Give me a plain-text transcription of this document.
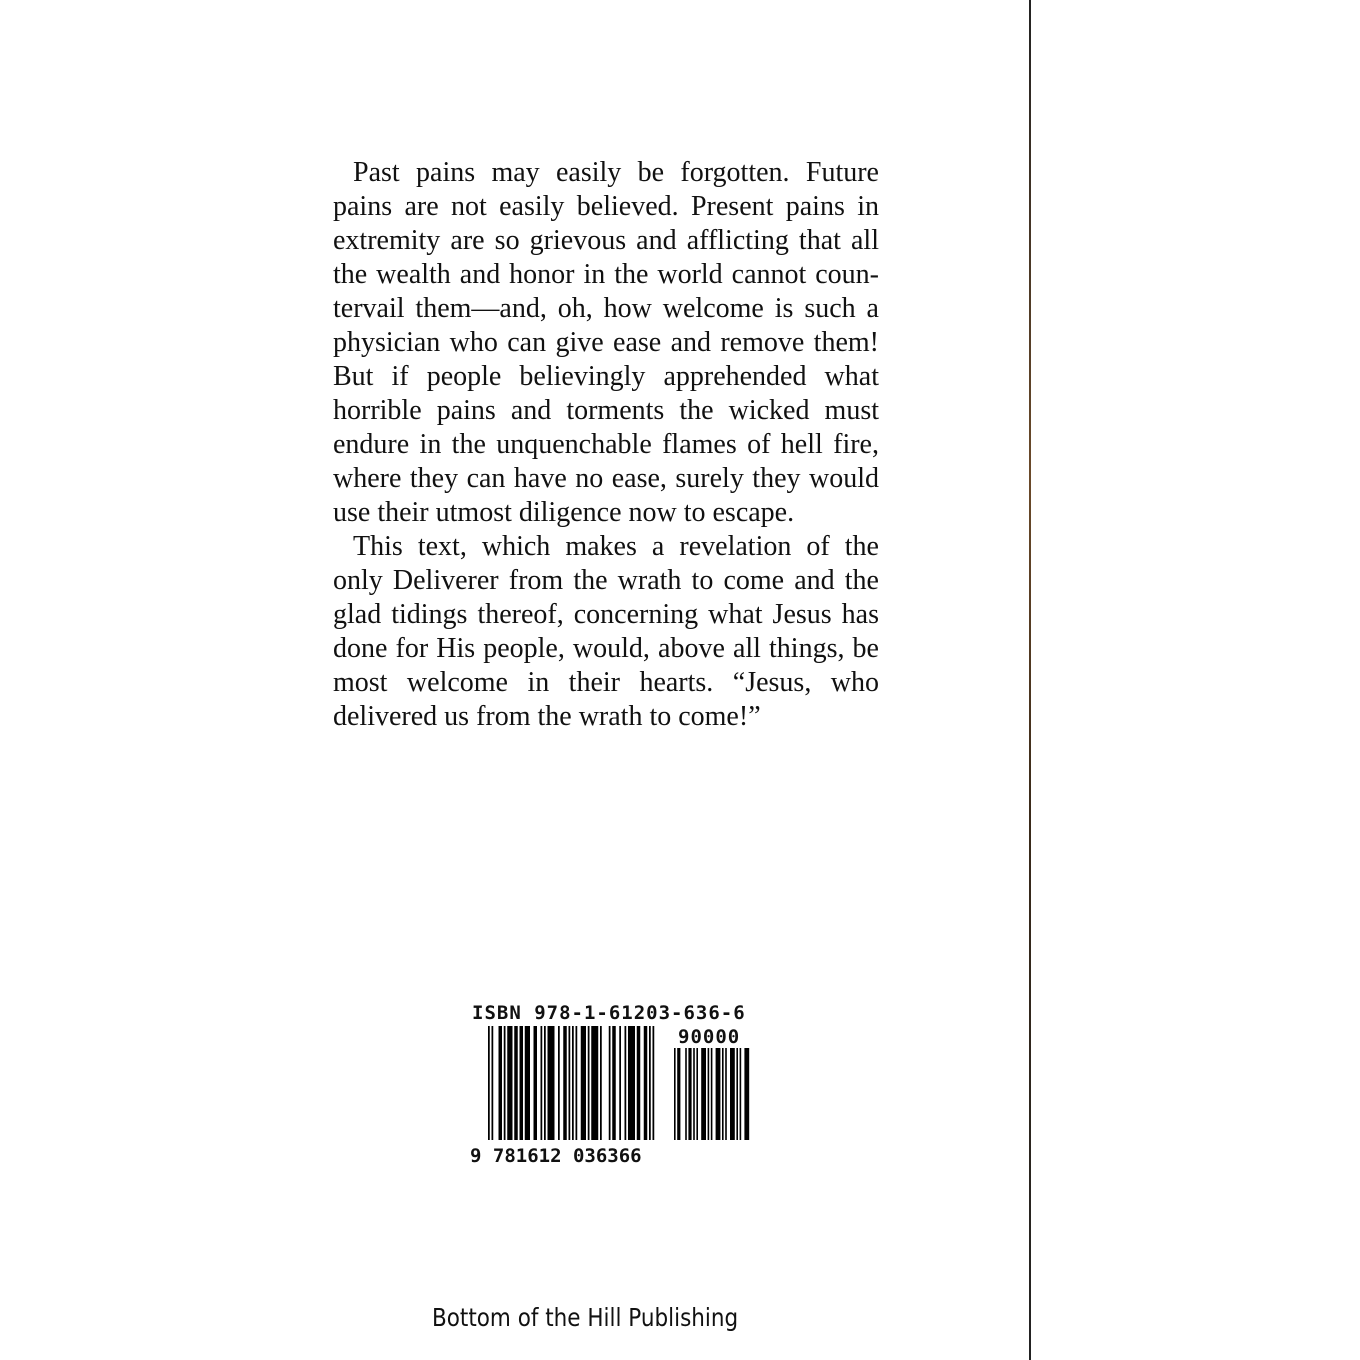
Past pains may easily be forgotten. Future pains are not easily believed. Present pains in extremity are so grievous and afflicting that all the wealth and honor in the world cannot countervail them—and, oh, how welcome is such a physician who can give ease and remove them! But if people believingly apprehended what horrible pains and torments the wicked must endure in the unquenchable flames of hell fire, where they can have no ease, surely they would use their utmost diligence now to escape.

This text, which makes a revelation of the only Deliverer from the wrath to come and the glad tidings thereof, concerning what Jesus has done for His people, would, above all things, be most welcome in their hearts. “Jesus, who delivered us from the wrath to come!”

ISBN 978-1-61203-636-6
90000
9 781612 036366
Bottom of the Hill Publishing
